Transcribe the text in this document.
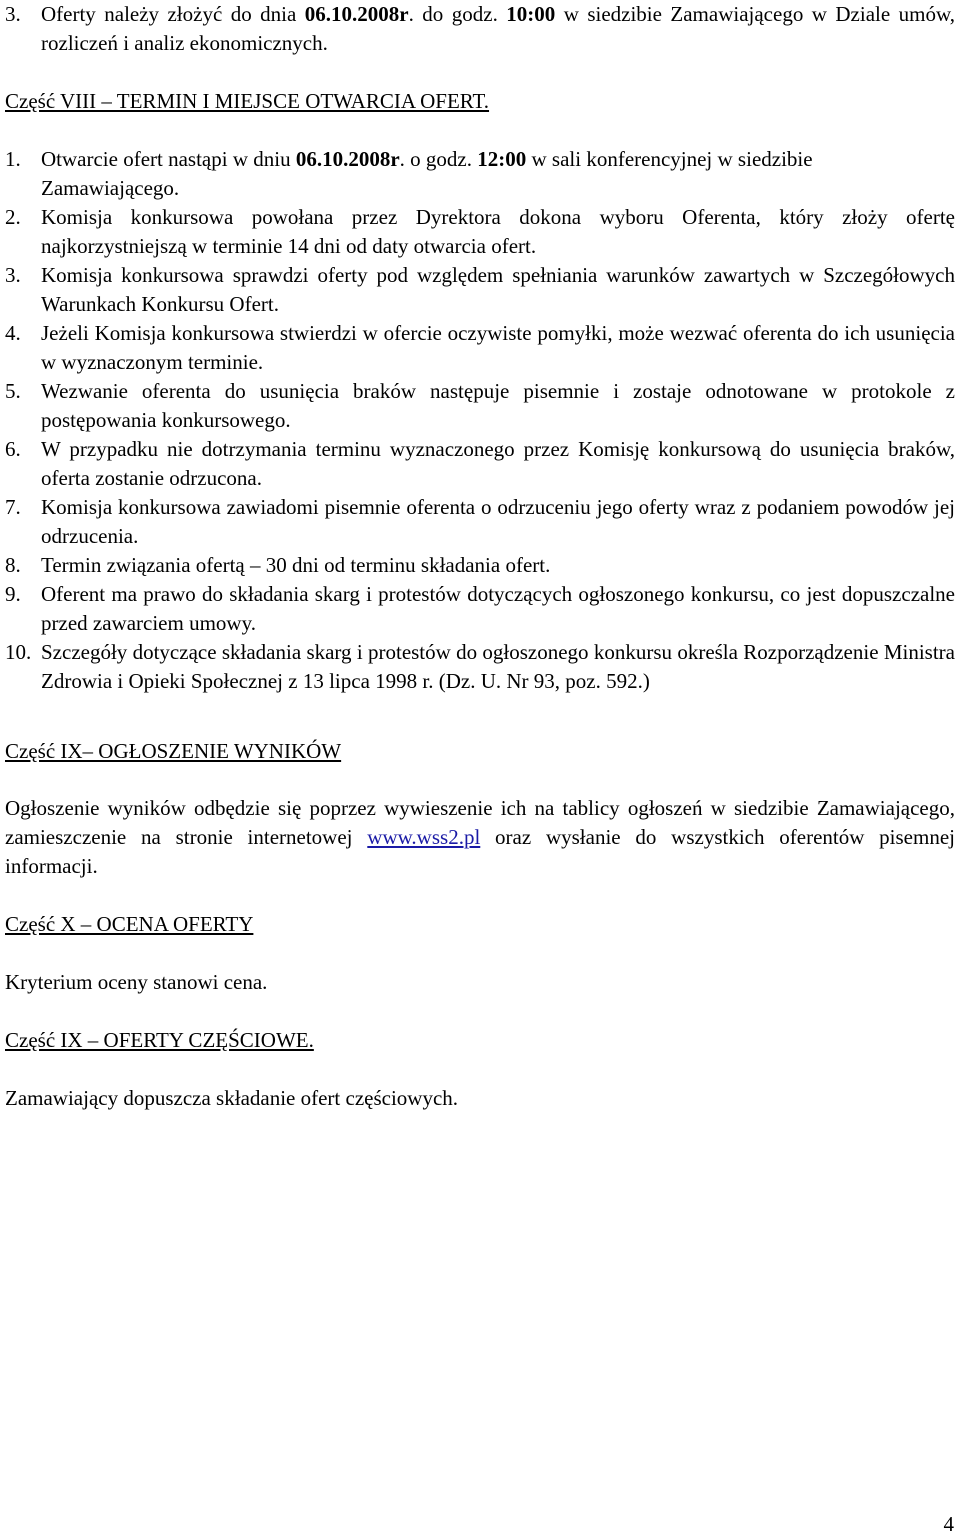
3. Oferty należy złożyć do dnia 06.10.2008r. do godz. 10:00 w siedzibie Zamawiającego w Dziale umów, rozliczeń i analiz ekonomicznych.
Część VIII – TERMIN I MIEJSCE OTWARCIA OFERT.
1. Otwarcie ofert nastąpi w dniu 06.10.2008r. o godz. 12:00 w sali konferencyjnej w siedzibie Zamawiającego.
2. Komisja konkursowa powołana przez Dyrektora dokona wyboru Oferenta, który złoży ofertę najkorzystniejszą w terminie 14 dni od daty otwarcia ofert.
3. Komisja konkursowa sprawdzi oferty pod względem spełniania warunków zawartych w Szczegółowych Warunkach Konkursu Ofert.
4. Jeżeli Komisja konkursowa stwierdzi w ofercie oczywiste pomyłki, może wezwać oferenta do ich usunięcia w wyznaczonym terminie.
5. Wezwanie oferenta do usunięcia braków następuje pisemnie i zostaje odnotowane w protokole z postępowania konkursowego.
6. W przypadku nie dotrzymania terminu wyznaczonego przez Komisję konkursową do usunięcia braków, oferta zostanie odrzucona.
7. Komisja konkursowa zawiadomi pisemnie oferenta o odrzuceniu jego oferty wraz z podaniem powodów jej odrzucenia.
8. Termin związania ofertą – 30 dni od terminu składania ofert.
9. Oferent ma prawo do składania skarg i protestów dotyczących ogłoszonego konkursu, co jest dopuszczalne przed zawarciem umowy.
10. Szczegóły dotyczące składania skarg i protestów do ogłoszonego konkursu określa Rozporządzenie Ministra Zdrowia i Opieki Społecznej z 13 lipca 1998 r. (Dz. U. Nr 93, poz. 592.)
Część IX– OGŁOSZENIE WYNIKÓW
Ogłoszenie wyników odbędzie się poprzez wywieszenie ich na tablicy ogłoszeń w siedzibie Zamawiającego, zamieszczenie na stronie internetowej www.wss2.pl oraz wysłanie do wszystkich oferentów pisemnej informacji.
Część X – OCENA OFERTY
Kryterium oceny stanowi cena.
Część IX – OFERTY CZĘŚCIOWE.
Zamawiający dopuszcza składanie ofert częściowych.
4
